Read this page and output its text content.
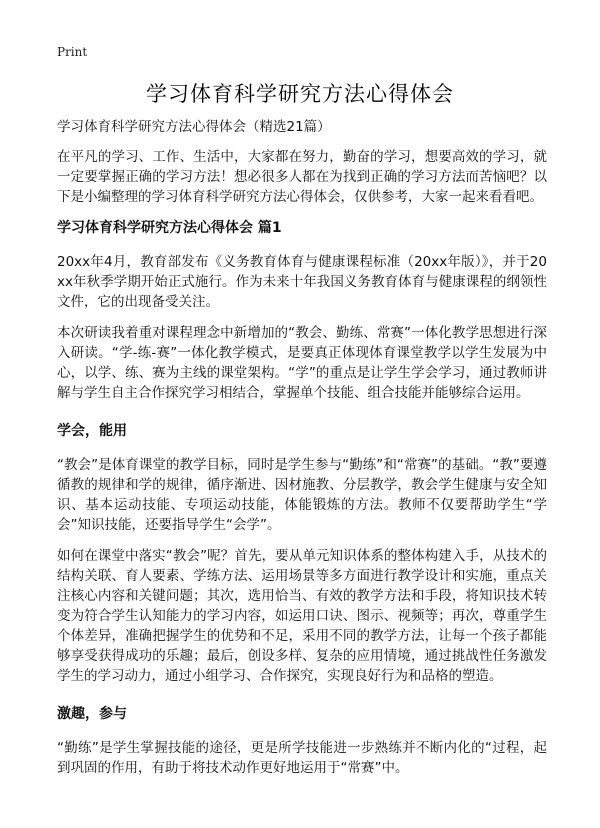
Print
学习体育科学研究方法心得体会
学习体育科学研究方法心得体会（精选21篇）

在平凡的学习、工作、生活中，大家都在努力，勤奋的学习，想要高效的学习，就一定要掌握正确的学习方法！想必很多人都在为找到正确的学习方法而苦恼吧？以下是小编整理的学习体育科学研究方法心得体会，仅供参考，大家一起来看看吧。

学习体育科学研究方法心得体会 篇1

20xx年4月，教育部发布《义务教育体育与健康课程标准（20xx年版）》，并于20xx年秋季学期开始正式施行。作为未来十年我国义务教育体育与健康课程的纲领性文件，它的出现备受关注。

本次研读我着重对课程理念中新增加的“教会、勤练、常赛”一体化教学思想进行深入研读。“学-练-赛”一体化教学模式，是要真正体现体育课堂教学以学生发展为中心，以学、练、赛为主线的课堂架构。“学”的重点是让学生学会学习，通过教师讲解与学生自主合作探究学习相结合，掌握单个技能、组合技能并能够综合运用。

学会，能用

“教会”是体育课堂的教学目标，同时是学生参与“勤练”和“常赛”的基础。“教”要遵循教的规律和学的规律，循序渐进、因材施教、分层教学，教会学生健康与安全知识、基本运动技能、专项运动技能，体能锻炼的方法。教师不仅要帮助学生“学会”知识技能，还要指导学生“会学”。

如何在课堂中落实“教会”呢？首先，要从单元知识体系的整体构建入手，从技术的结构关联、育人要素、学练方法、运用场景等多方面进行教学设计和实施，重点关注核心内容和关键问题；其次，选用恰当、有效的教学方法和手段，将知识技术转变为符合学生认知能力的学习内容，如运用口诀、图示、视频等；再次，尊重学生个体差异，准确把握学生的优势和不足，采用不同的教学方法，让每一个孩子都能够享受获得成功的乐趣；最后，创设多样、复杂的应用情境，通过挑战性任务激发学生的学习动力，通过小组学习、合作探究，实现良好行为和品格的塑造。

激趣，参与

“勤练”是学生掌握技能的途径，更是所学技能进一步熟练并不断内化的“过程，起到巩固的作用，有助于将技术动作更好地运用于“常赛”中。
